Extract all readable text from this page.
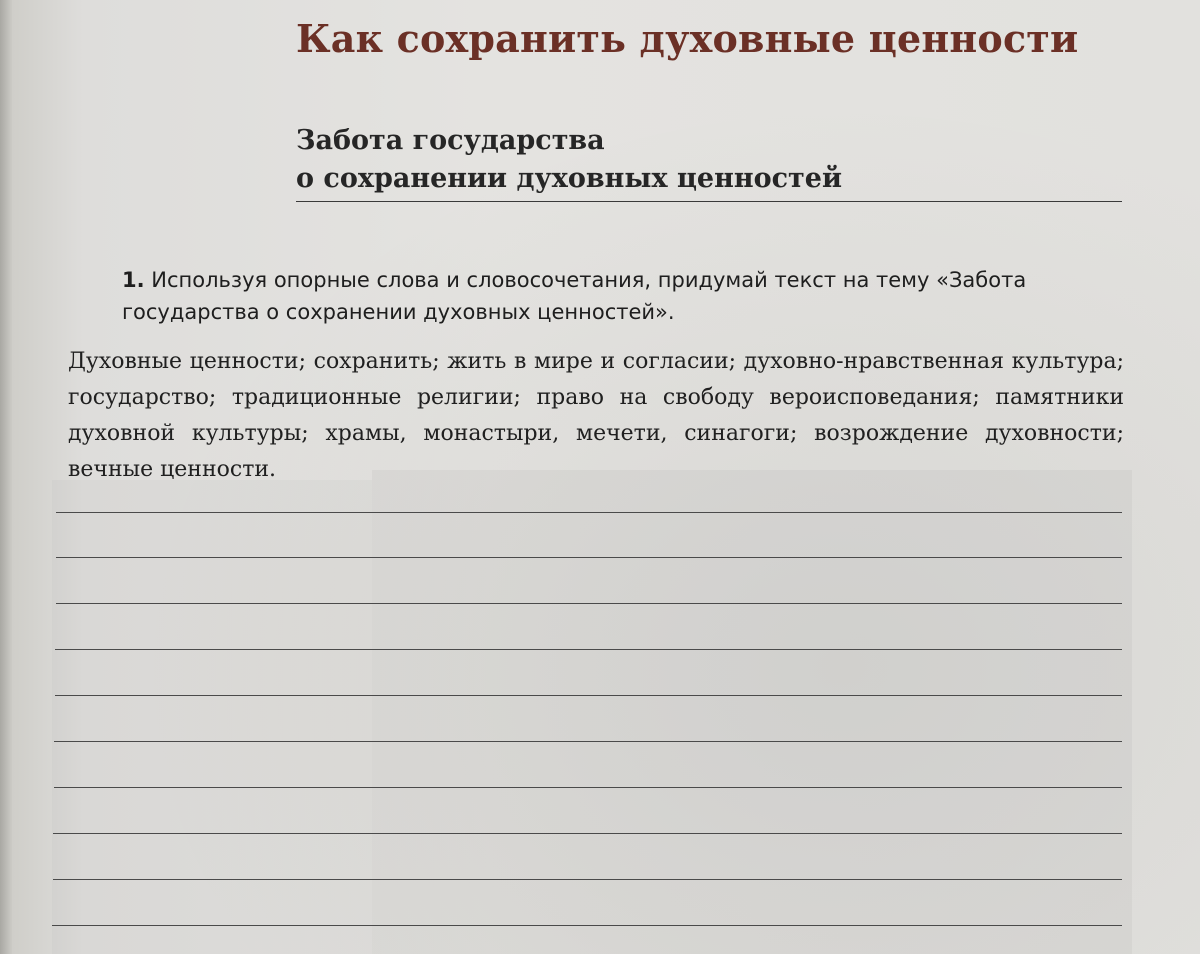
Как сохранить духовные ценности
Забота государства
о сохранении духовных ценностей

1. Используя опорные слова и словосочетания, придумай текст на тему «Забота государства о сохранении духовных ценностей».

Духовные ценности; сохранить; жить в мире и согласии; духовно-нравственная культура; государство; традиционные религии; право на свободу вероисповедания; памятники духовной культуры; храмы, монастыри, мечети, синагоги; возрождение духовности; вечные ценности.
